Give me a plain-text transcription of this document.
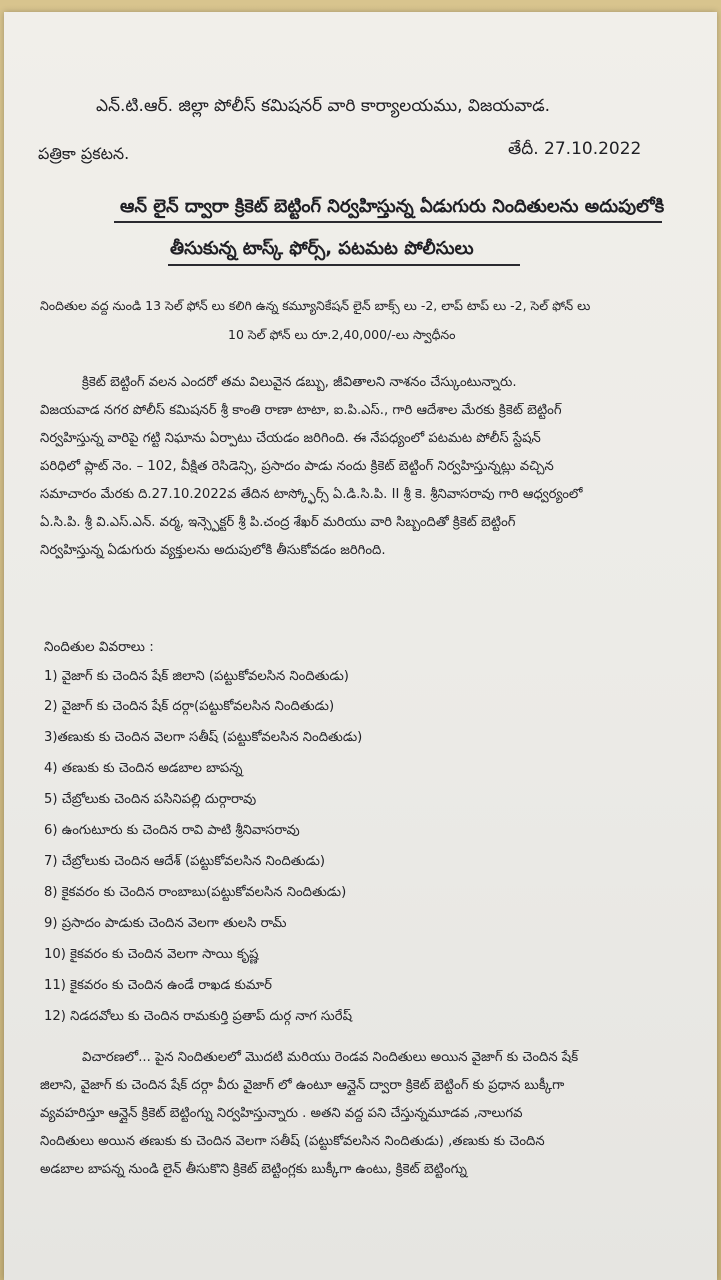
ఎన్.టి.ఆర్. జిల్లా పోలీస్ కమిషనర్ వారి కార్యాలయము, విజయవాడ.
పత్రికా ప్రకటన.	తేదీ. 27.10.2022
ఆన్ లైన్ ద్వారా క్రికెట్ బెట్టింగ్ నిర్వహిస్తున్న ఏడుగురు నిందితులను అదుపులోకి
తీసుకున్న టాస్క్ ఫోర్స్, పటమట పోలీసులు
నిందితుల వద్ద నుండి 13 సెల్ ఫోన్ లు కలిగి ఉన్న కమ్యూనికేషన్ లైన్ బాక్స్ లు -2, లాప్ టాప్ లు -2, సెల్ ఫోన్ లు
10 సెల్ ఫోన్ లు రూ.2,40,000/-లు స్వాధీనం
క్రికెట్ బెట్టింగ్ వలన ఎందరో తమ విలువైన డబ్బు, జీవితాలని నాశనం చేస్కుంటున్నారు.
విజయవాడ నగర పోలీస్ కమిషనర్ శ్రీ కాంతి రాణా టాటా, ఐ.పి.ఎస్., గారి ఆదేశాల మేరకు క్రికెట్ బెట్టింగ్
నిర్వహిస్తున్న వారిపై గట్టి నిఘాను ఏర్పాటు చేయడం జరిగింది. ఈ నేపధ్యంలో పటమట పోలీస్ స్టేషన్
పరిధిలో ప్లాట్ నెం. – 102, వీక్షిత రెసిడెన్సి, ప్రసాదం పాడు నందు క్రికెట్ బెట్టింగ్ నిర్వహిస్తున్నట్లు వచ్చిన
సమాచారం మేరకు ది.27.10.2022వ తేదిన టాస్క్ఫోర్స్ ఏ.డి.సి.పి. II శ్రీ కె. శ్రీనివాసరావు గారి ఆధ్వర్యంలో
ఏ.సి.పి. శ్రీ వి.ఎస్.ఎన్. వర్మ, ఇన్స్పెక్టర్ శ్రీ పి.చంద్ర శేఖర్ మరియు వారి సిబ్బందితో క్రికెట్ బెట్టింగ్
నిర్వహిస్తున్న ఏడుగురు వ్యక్తులను అదుపులోకి తీసుకోవడం జరిగింది.
నిందితుల వివరాలు :
1) వైజాగ్ కు చెందిన షేక్ జిలాని (పట్టుకోవలసిన నిందితుడు)
2) వైజాగ్ కు చెందిన షేక్ దర్గా(పట్టుకోవలసిన నిందితుడు)
3)తణుకు కు చెందిన వెలగా సతీష్ (పట్టుకోవలసిన నిందితుడు)
4) తణుకు కు చెందిన అడబాల బాపన్న
5) చేబ్రోలుకు చెందిన పసినిపల్లి దుర్గారావు
6) ఉంగుటూరు కు చెందిన రావి పాటి శ్రీనివాసరావు
7) చేబ్రోలుకు చెందిన ఆదేశ్ (పట్టుకోవలసిన నిందితుడు)
8) కైకవరం కు చెందిన రాంబాబు(పట్టుకోవలసిన నిందితుడు)
9) ప్రసాదం పాడుకు చెందిన వెలగా తులసి రామ్
10) కైకవరం కు చెందిన వెలగా సాయి కృష్ణ
11) కైకవరం కు చెందిన ఉండే రాఖడ కుమార్
12) నిడదవోలు కు చెందిన రామకుర్తి ప్రతాప్ దుర్గ నాగ సురేష్
విచారణలో... పైన నిందితులలో మొదటి మరియు రెండవ నిందితులు అయిన వైజాగ్ కు చెందిన షేక్
జిలాని, వైజాగ్ కు చెందిన షేక్ దర్గా వీరు వైజాగ్ లో ఉంటూ ఆన్లైన్ ద్వారా క్రికెట్ బెట్టింగ్ కు ప్రధాన బుక్కీగా
వ్యవహరిస్తూ ఆన్లైన్ క్రికెట్ బెట్టింగ్ను నిర్వహిస్తున్నారు . అతని వద్ద పని చేస్తున్నమూడవ ,నాలుగవ
నిందితులు అయిన తణుకు కు చెందిన వెలగా సతీష్ (పట్టుకోవలసిన నిందితుడు) ,తణుకు కు చెందిన
అడబాల బాపన్న నుండి లైన్ తీసుకొని క్రికెట్ బెట్టింగ్లకు బుక్కీగా ఉంటు, క్రికెట్ బెట్టింగ్ను
